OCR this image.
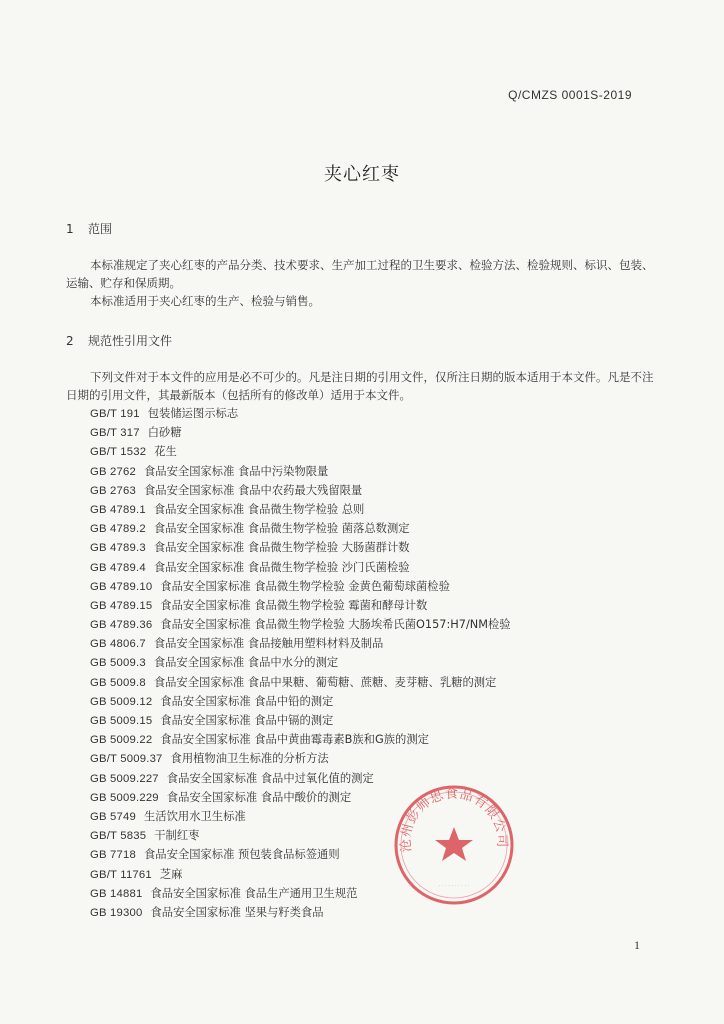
Q/CMZS 0001S-2019
夹心红枣
1 范围

本标准规定了夹心红枣的产品分类、技术要求、生产加工过程的卫生要求、检验方法、检验规则、标识、包装、运输、贮存和保质期。

本标准适用于夹心红枣的生产、检验与销售。

2 规范性引用文件

下列文件对于本文件的应用是必不可少的。凡是注日期的引用文件，仅所注日期的版本适用于本文件。凡是不注日期的引用文件，其最新版本（包括所有的修改单）适用于本文件。

GB/T 191 包装储运图示标志
GB/T 317 白砂糖
GB/T 1532 花生
GB 2762 食品安全国家标准 食品中污染物限量
GB 2763 食品安全国家标准 食品中农药最大残留限量
GB 4789.1 食品安全国家标准 食品微生物学检验 总则
GB 4789.2 食品安全国家标准 食品微生物学检验 菌落总数测定
GB 4789.3 食品安全国家标准 食品微生物学检验 大肠菌群计数
GB 4789.4 食品安全国家标准 食品微生物学检验 沙门氏菌检验
GB 4789.10 食品安全国家标准 食品微生物学检验 金黄色葡萄球菌检验
GB 4789.15 食品安全国家标准 食品微生物学检验 霉菌和酵母计数
GB 4789.36 食品安全国家标准 食品微生物学检验 大肠埃希氏菌O157:H7/NM检验
GB 4806.7 食品安全国家标准 食品接触用塑料材料及制品
GB 5009.3 食品安全国家标准 食品中水分的测定
GB 5009.8 食品安全国家标准 食品中果糖、葡萄糖、蔗糖、麦芽糖、乳糖的测定
GB 5009.12 食品安全国家标准 食品中铅的测定
GB 5009.15 食品安全国家标准 食品中镉的测定
GB 5009.22 食品安全国家标准 食品中黄曲霉毒素B族和G族的测定
GB/T 5009.37 食用植物油卫生标准的分析方法
GB 5009.227 食品安全国家标准 食品中过氧化值的测定
GB 5009.229 食品安全国家标准 食品中酸价的测定
GB 5749 生活饮用水卫生标准
GB/T 5835 干制红枣
GB 7718 食品安全国家标准 预包装食品标签通则
GB/T 11761 芝麻
GB 14881 食品安全国家标准 食品生产通用卫生规范
GB 19300 食品安全国家标准 坚果与籽类食品
沧州彭帅思食品有限公司
· · · · · · · · · ·
1
